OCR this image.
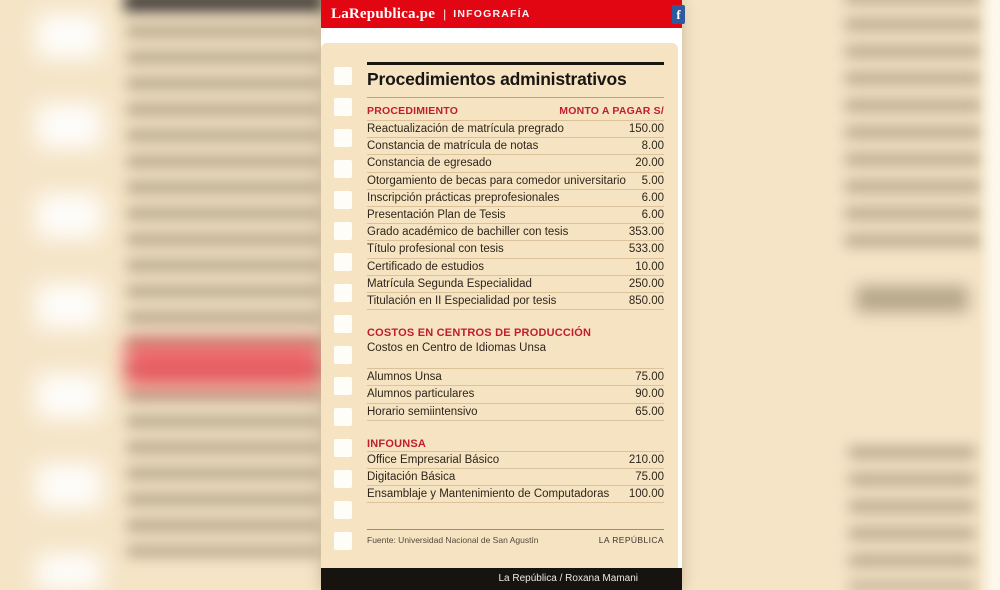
LaRepublica.pe | INFOGRAFÍA	f
Procedimientos administrativos
PROCEDIMIENTO	MONTO A PAGAR S/
Reactualización de matrícula pregrado	150.00
Constancia de matrícula de notas	8.00
Constancia de egresado	20.00
Otorgamiento de becas para comedor universitario 5.00
Inscripción prácticas preprofesionales	6.00
Presentación Plan de Tesis	6.00
Grado académico de bachiller con tesis	353.00
Título profesional con tesis	533.00
Certificado de estudios	10.00
Matrícula Segunda Especialidad	250.00
Titulación en II Especialidad por tesis	850.00
COSTOS EN CENTROS DE PRODUCCIÓN
Costos en Centro de Idiomas Unsa
Alumnos Unsa	75.00
Alumnos particulares	90.00
Horario semiintensivo	65.00
INFOUNSA
Office Empresarial Básico	210.00
Digitación Básica	75.00
Ensamblaje y Mantenimiento de Computadoras 100.00
Fuente: Universidad Nacional de San Agustín	LA REPÚBLICA
La República / Roxana Mamani
